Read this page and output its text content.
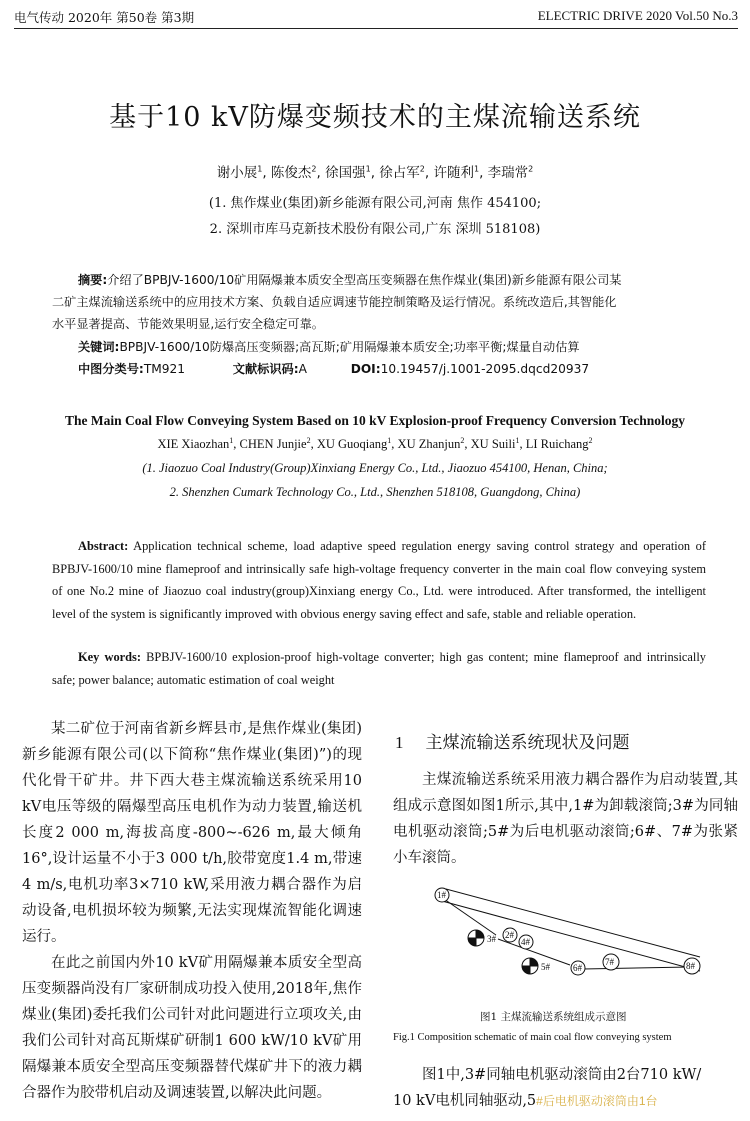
电气传动 2020年 第50卷 第3期	ELECTRIC DRIVE 2020 Vol.50 No.3
基于10 kV防爆变频技术的主煤流输送系统
谢小展$^1$, 陈俊杰$^2$, 徐国强$^1$, 徐占军$^2$, 许随利$^1$, 李瑞常$^2$
(1. 焦作煤业(集团)新乡能源有限公司,河南 焦作 454100;
2. 深圳市库马克新技术股份有限公司,广东 深圳 518108)
摘要:介绍了BPBJV-1600/10矿用隔爆兼本质安全型高压变频器在焦作煤业(集团)新乡能源有限公司某
二矿主煤流输送系统中的应用技术方案、负载自适应调速节能控制策略及运行情况。系统改造后,其智能化
水平显著提高、节能效果明显,运行安全稳定可靠。
关键词:BPBJV-1600/10防爆高压变频器;高瓦斯;矿用隔爆兼本质安全;功率平衡;煤量自动估算
中图分类号:TM921	文献标识码:A	DOI:10.19457/j.1001-2095.dqcd20937
The Main Coal Flow Conveying System Based on 10 kV Explosion-proof Frequency Conversion Technology
XIE Xiaozhan$^1$, CHEN Junjie$^2$, XU Guoqiang$^1$, XU Zhanjun$^2$, XU Suili$^1$, LI Ruichang$^2$
(1. Jiaozuo Coal Industry(Group)Xinxiang Energy Co., Ltd., Jiaozuo 454100, Henan, China;
2. Shenzhen Cumark Technology Co., Ltd., Shenzhen 518108, Guangdong, China)
Abstract: Application technical scheme, load adaptive speed regulation energy saving control strategy and operation of BPBJV-1600/10 mine flameproof and intrinsically safe high-voltage frequency converter in the main coal flow conveying system of one No.2 mine of Jiaozuo coal industry(group)Xinxiang energy Co., Ltd. were introduced. After transformed, the intelligent level of the system is significantly improved with obvious energy saving effect and safe, stable and reliable operation.
Key words: BPBJV-1600/10 explosion-proof high-voltage converter; high gas content; mine flameproof and intrinsically safe; power balance; automatic estimation of coal weight

某二矿位于河南省新乡辉县市,是焦作煤业(集团)新乡能源有限公司(以下简称“焦作煤业(集团)”)的现代化骨干矿井。井下西大巷主煤流输送系统采用10 kV电压等级的隔爆型高压电机作为动力装置,输送机长度2 000 m,海拔高度-800~-626 m,最大倾角16°,设计运量不小于3 000 t/h,胶带宽度1.4 m,带速4 m/s,电机功率3×710 kW,采用液力耦合器作为启动设备,电机损坏较为频繁,无法实现煤流智能化调速运行。

在此之前国内外10 kV矿用隔爆兼本质安全型高压变频器尚没有厂家研制成功投入使用,2018年,焦作煤业(集团)委托我们公司针对此问题进行立项攻关,由我们公司针对高瓦斯煤矿研制1 600 kW/10 kV矿用隔爆兼本质安全型高压变频器替代煤矿井下的液力耦合器作为胶带机启动及调速装置,以解决此问题。

1 主煤流输送系统现状及问题

主煤流输送系统采用液力耦合器作为启动装置,其组成示意图如图1所示,其中,1#为卸载滚筒;3#为同轴电机驱动滚筒;5#为后电机驱动滚筒;6#、7#为张紧小车滚筒。

1#
2#
3#	4#
5#	6#
7#	8#
图1 主煤流输送系统组成示意图
Fig.1 Composition schematic of main coal flow conveying system

图1中,3#同轴电机驱动滚筒由2台710 kW/

10 kV电机同轴驱动,5#后电机驱动滚筒由1台
